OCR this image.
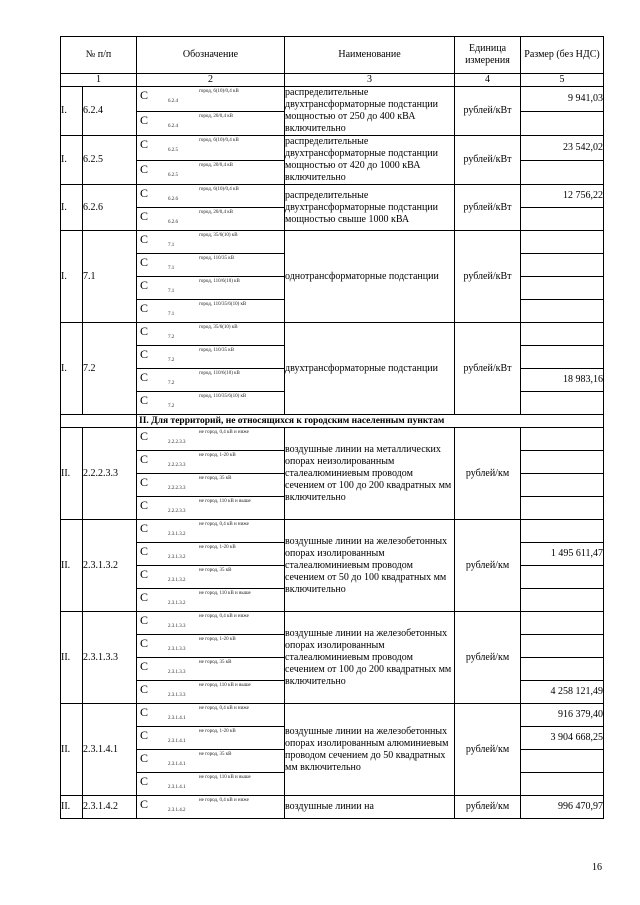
№ п/п		Обозначение	Наименование	Единица измерения	Размер (без НДС)
1		2	3	4	5
I.	6.2.4	С 6.2.4
город, 6(10)/0,4 кВ	распределительные двухтрансформаторные подстанции мощностью от 250 до 400 кВА включительно	рублей/кВт	9 941,03

		С 6.2.4
город, 20/0,4 кВ			

I.	6.2.5	С 6.2.5
город, 6(10)/0,4 кВ	распределительные двухтрансформаторные подстанции мощностью от 420 до 1000 кВА включительно	рублей/кВт	23 542,02

		С 6.2.5
город, 20/0,4 кВ			

I.	6.2.6	С 6.2.6
город, 6(10)/0,4 кВ	распределительные двухтрансформаторные подстанции мощностью свыше 1000 кВА	рублей/кВт	12 756,22

		С 6.2.6
город, 20/0,4 кВ			

I.	7.1	С 7.1
город, 35/6(10) кВ	однотрансформаторные подстанции	рублей/кВт	

		С 7.1
город, 110/35 кВ			

		С 7.1
город, 110/6(10) кВ			

		С 7.1
город, 110/35/6(10) кВ			

I.	7.2	С 7.2
город, 35/6(10) кВ	двухтрансформаторные подстанции	рублей/кВт	

		С 7.2
город, 110/35 кВ			

		С 7.2
город, 110/6(10) кВ			18 983,16

		С 7.2
город, 110/35/6(10) кВ			

		II. Для территорий, не относящихся к городским населенным пунктам			
II.	2.2.2.3.3	С 2.2.2.3.3
не город, 0,4 кВ и ниже	воздушные линии на металлических опорах неизолированным сталеалюминиевым проводом сечением от 100 до 200 квадратных мм включительно	рублей/км	

		С 2.2.2.3.3
не город, 1-20 кВ			

		С 2.2.2.3.3
не город, 35 кВ			

		С 2.2.2.3.3
не город, 110 кВ и выше			

II.	2.3.1.3.2	С 2.3.1.3.2
не город, 0,4 кВ и ниже	воздушные линии на железобетонных опорах изолированным сталеалюминиевым проводом сечением от 50 до 100 квадратных мм включительно	рублей/км	

		С 2.3.1.3.2
не город, 1-20 кВ			1 495 611,47

		С 2.3.1.3.2
не город, 35 кВ			

		С 2.3.1.3.2
не город, 110 кВ и выше			

II.	2.3.1.3.3	С 2.3.1.3.3
не город, 0,4 кВ и ниже	воздушные линии на железобетонных опорах изолированным сталеалюминиевым проводом сечением от 100 до 200 квадратных мм включительно	рублей/км	

		С 2.3.1.3.3
не город, 1-20 кВ			

		С 2.3.1.3.3
не город, 35 кВ			

		С 2.3.1.3.3
не город, 110 кВ и выше			4 258 121,49
II.	2.3.1.4.1	С 2.3.1.4.1
не город, 0,4 кВ и ниже	воздушные линии на железобетонных опорах изолированным алюминиевым проводом сечением до 50 квадратных мм включительно	рублей/км	916 379,40

		С 2.3.1.4.1
не город, 1-20 кВ			3 904 668,25

		С 2.3.1.4.1
не город, 35 кВ			

		С 2.3.1.4.1
не город, 110 кВ и выше			

II.	2.3.1.4.2	С 2.3.1.4.2
не город, 0,4 кВ и ниже	воздушные линии на	рублей/км	996 470,97
16
